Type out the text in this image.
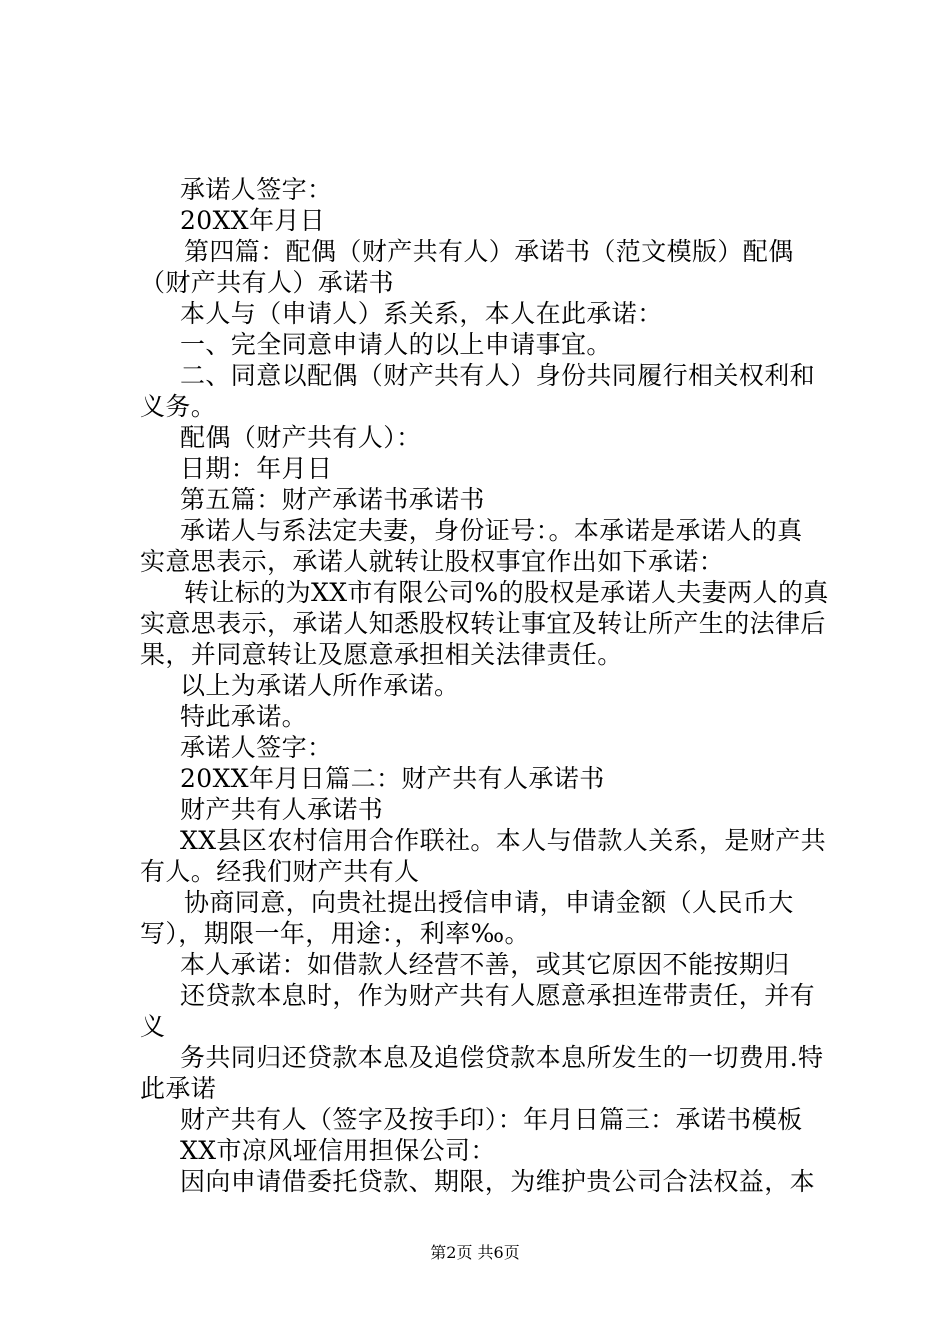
承诺人签字：
20XX年月日
第四篇：配偶（财产共有人）承诺书（范文模版）配偶
（财产共有人）承诺书
本人与（申请人）系关系，本人在此承诺：
一、完全同意申请人的以上申请事宜。
二、同意以配偶（财产共有人）身份共同履行相关权利和
义务。
配偶（财产共有人）：
日期：年月日
第五篇：财产承诺书承诺书
承诺人与系法定夫妻，身份证号：。本承诺是承诺人的真
实意思表示，承诺人就转让股权事宜作出如下承诺：
转让标的为XX市有限公司%的股权是承诺人夫妻两人的真
实意思表示，承诺人知悉股权转让事宜及转让所产生的法律后
果，并同意转让及愿意承担相关法律责任。
以上为承诺人所作承诺。
特此承诺。
承诺人签字：
20XX年月日篇二：财产共有人承诺书
财产共有人承诺书
XX县区农村信用合作联社。本人与借款人关系，是财产共
有人。经我们财产共有人
协商同意，向贵社提出授信申请，申请金额（人民币大
写），期限一年，用途：，利率‰。
本人承诺：如借款人经营不善，或其它原因不能按期归
还贷款本息时，作为财产共有人愿意承担连带责任，并有
义
务共同归还贷款本息及追偿贷款本息所发生的一切费用.特
此承诺
财产共有人（签字及按手印）：年月日篇三：承诺书模板
XX市凉风垭信用担保公司：
因向申请借委托贷款、期限，为维护贵公司合法权益，本
第2页 共6页
